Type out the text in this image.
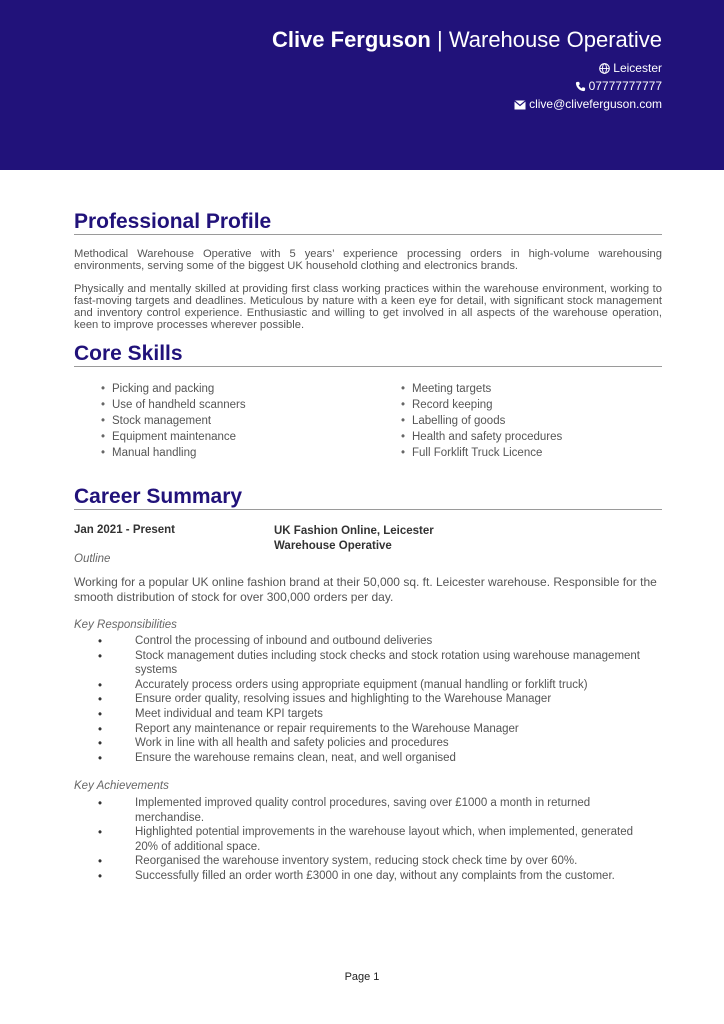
Clive Ferguson | Warehouse Operative
Leicester
07777777777
clive@cliveferguson.com
Professional Profile

Methodical Warehouse Operative with 5 years’ experience processing orders in high-volume warehousing environments, serving some of the biggest UK household clothing and electronics brands.

Physically and mentally skilled at providing first class working practices within the warehouse environment, working to fast-moving targets and deadlines. Meticulous by nature with a keen eye for detail, with significant stock management and inventory control experience. Enthusiastic and willing to get involved in all aspects of the warehouse operation, keen to improve processes wherever possible.

Core Skills
• Picking and packing
• Use of handheld scanners
• Stock management
• Equipment maintenance
• Manual handling
• Meeting targets
• Record keeping
• Labelling of goods
• Health and safety procedures
• Full Forklift Truck Licence
Career Summary
Jan 2021 - Present	UK Fashion Online, Leicester
Warehouse Operative
Outline
Working for a popular UK online fashion brand at their 50,000 sq. ft. Leicester warehouse. Responsible for the smooth distribution of stock for over 300,000 orders per day.
Key Responsibilities
• Control the processing of inbound and outbound deliveries
• Stock management duties including stock checks and stock rotation using warehouse management systems
• Accurately process orders using appropriate equipment (manual handling or forklift truck)
• Ensure order quality, resolving issues and highlighting to the Warehouse Manager
• Meet individual and team KPI targets
• Report any maintenance or repair requirements to the Warehouse Manager
• Work in line with all health and safety policies and procedures
• Ensure the warehouse remains clean, neat, and well organised
Key Achievements
• Implemented improved quality control procedures, saving over £1000 a month in returned merchandise.
• Highlighted potential improvements in the warehouse layout which, when implemented, generated 20% of additional space.
• Reorganised the warehouse inventory system, reducing stock check time by over 60%.
• Successfully filled an order worth £3000 in one day, without any complaints from the customer.
Page 1
